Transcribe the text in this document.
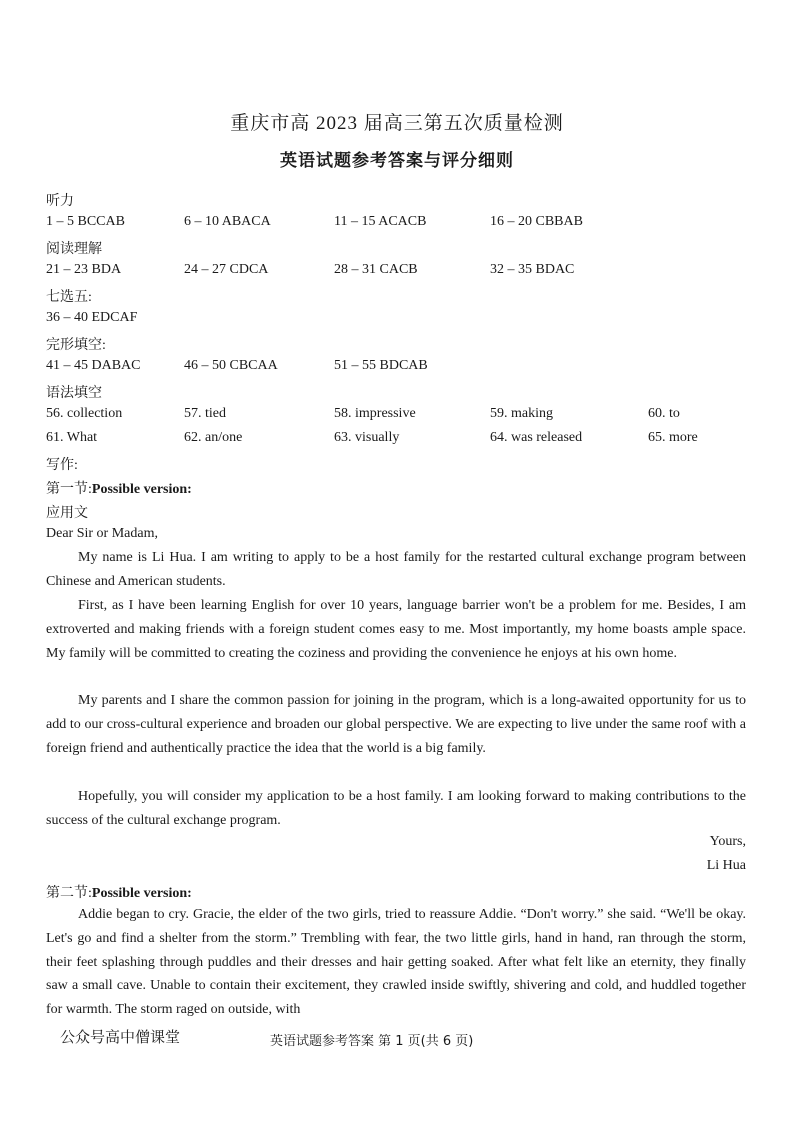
重庆市高 2023 届高三第五次质量检测
英语试题参考答案与评分细则
听力
1 – 5 BCCAB	6 – 10 ABACA	11 – 15 ACACB	16 – 20 CBBAB
阅读理解
21 – 23 BDA	24 – 27 CDCA	28 – 31 CACB	32 – 35 BDAC
七选五:
36 – 40 EDCAF
完形填空:
41 – 45 DABAC	46 – 50 CBCAA	51 – 55 BDCAB
语法填空
56. collection	57. tied	58. impressive	59. making	60. to
61. What	62. an/one	63. visually	64. was released	65. more
写作:
第一节:Possible version:
应用文
Dear Sir or Madam,

My name is Li Hua. I am writing to apply to be a host family for the restarted cultural exchange program between Chinese and American students.

First, as I have been learning English for over 10 years, language barrier won't be a problem for me. Besides, I am extroverted and making friends with a foreign student comes easy to me. Most importantly, my home boasts ample space. My family will be committed to creating the coziness and providing the convenience he enjoys at his own home.

My parents and I share the common passion for joining in the program, which is a long-awaited opportunity for us to add to our cross-cultural experience and broaden our global perspective. We are expecting to live under the same roof with a foreign friend and authentically practice the idea that the world is a big family.

Hopefully, you will consider my application to be a host family. I am looking forward to making contributions to the success of the cultural exchange program.

Yours,
Li Hua
第二节:Possible version:

Addie began to cry. Gracie, the elder of the two girls, tried to reassure Addie. “Don't worry.” she said. “We'll be okay. Let's go and find a shelter from the storm.” Trembling with fear, the two little girls, hand in hand, ran through the storm, their feet splashing through puddles and their dresses and hair getting soaked. After what felt like an eternity, they finally saw a small cave. Unable to contain their excitement, they crawled inside swiftly, shivering and cold, and huddled together for warmth. The storm raged on outside, with

公众号高中僧课堂	英语试题参考答案 第 1 页(共 6 页)
